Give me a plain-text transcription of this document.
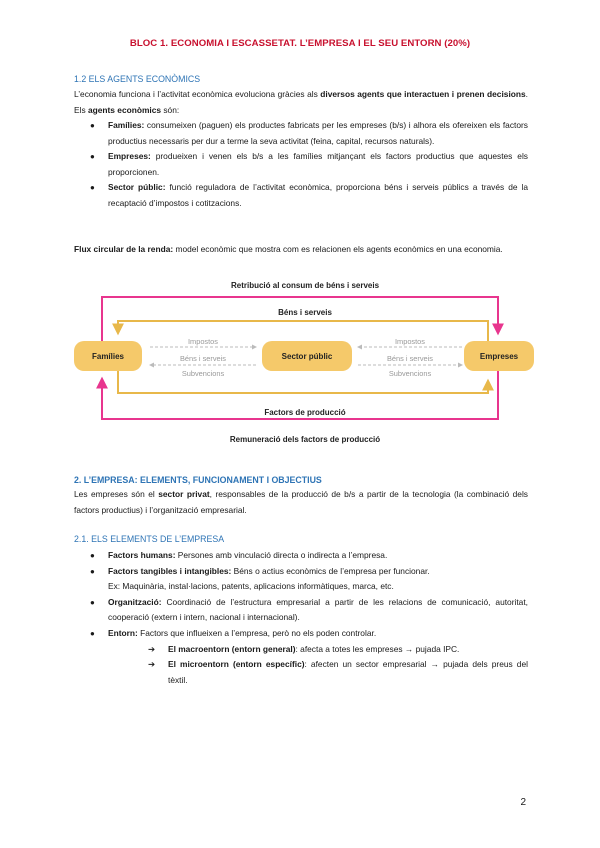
BLOC 1. ECONOMIA I ESCASSETAT. L’EMPRESA I EL SEU ENTORN (20%)
1.2 ELS AGENTS ECONÒMICS
L’economia funciona i l’activitat econòmica evoluciona gràcies als diversos agents que interactuen i prenen decisions. Els agents econòmics són:
● Famílies: consumeixen (paguen) els productes fabricats per les empreses (b/s) i alhora els ofereixen els factors productius necessaris per dur a terme la seva activitat (feina, capital, recursos naturals).
● Empreses: produeixen i venen els b/s a les famílies mitjançant els factors productius que aquestes els proporcionen.
● Sector públic: funció reguladora de l’activitat econòmica, proporciona béns i serveis públics a través de la recaptació d’impostos i cotitzacions.
Flux circular de la renda: model econòmic que mostra com es relacionen els agents econòmics en una economia.
Retribució al consum de béns i serveis
Béns i serveis
Factors de producció
Remuneració dels factors de producció
Famílies	Sector públic	Empreses
Impostos
Béns i serveis
Subvencions
Impostos
Béns i serveis
Subvencions
2. L’EMPRESA: ELEMENTS, FUNCIONAMENT I OBJECTIUS
Les empreses són el sector privat, responsables de la producció de b/s a partir de la tecnologia (la combinació dels factors productius) i l’organització empresarial.
2.1. ELS ELEMENTS DE L’EMPRESA
● Factors humans: Persones amb vinculació directa o indirecta a l’empresa.
● Factors tangibles i intangibles: Béns o actius econòmics de l’empresa per funcionar.
Ex: Maquinària, instal·lacions, patents, aplicacions informàtiques, marca, etc.
● Organització: Coordinació de l’estructura empresarial a partir de les relacions de comunicació, autoritat, cooperació (extern i intern, nacional i internacional).
● Entorn: Factors que influeixen a l’empresa, però no els poden controlar.
➔ El macroentorn (entorn general): afecta a totes les empreses → pujada IPC.
➔ El microentorn (entorn específic): afecten un sector empresarial → pujada dels preus del tèxtil.
2
